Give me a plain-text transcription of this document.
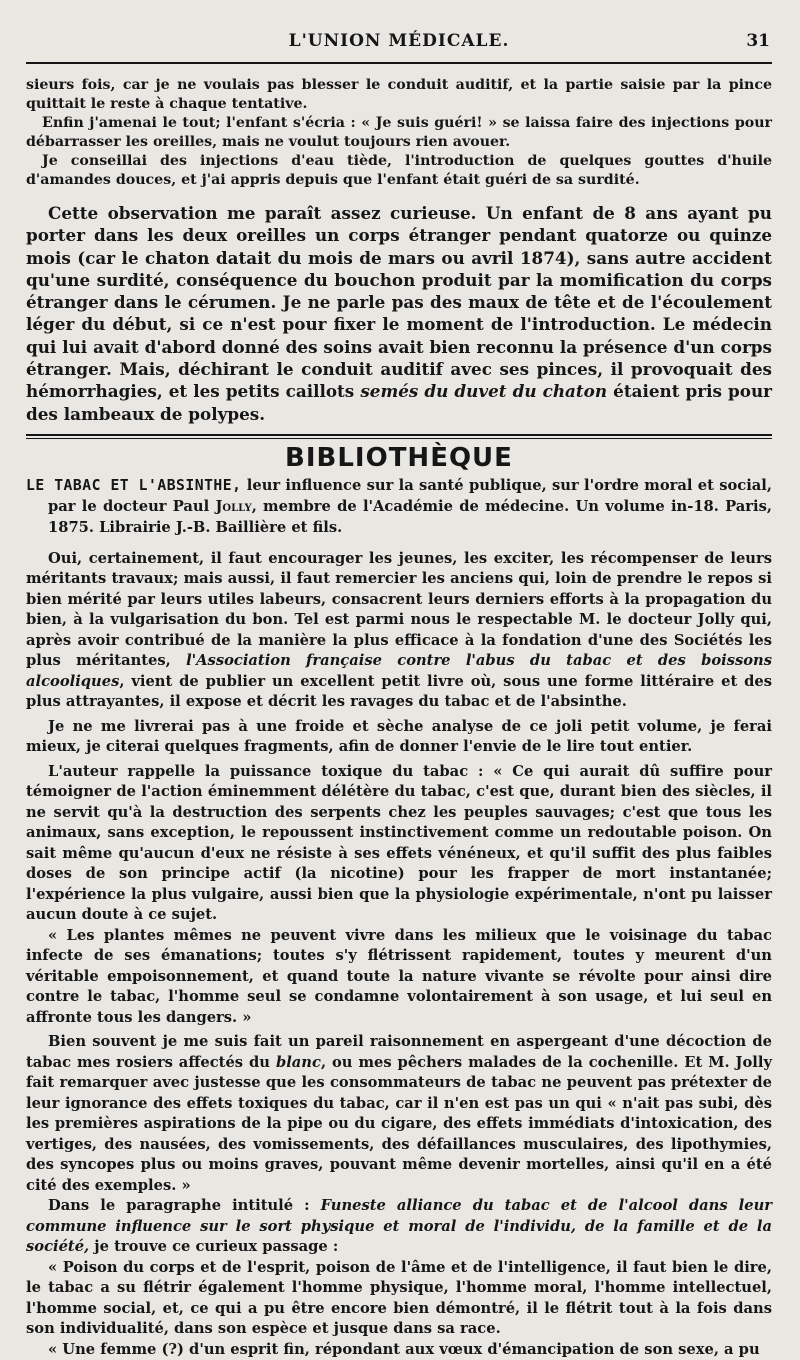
L'UNION MÉDICALE.	31

sieurs fois, car je ne voulais pas blesser le conduit auditif, et la partie saisie par la pince quittait le reste à chaque tentative.

Enfin j'amenai le tout; l'enfant s'écria : « Je suis guéri! » se laissa faire des injections pour débarrasser les oreilles, mais ne voulut toujours rien avouer.

Je conseillai des injections d'eau tiède, l'introduction de quelques gouttes d'huile d'amandes douces, et j'ai appris depuis que l'enfant était guéri de sa surdité.

Cette observation me paraît assez curieuse. Un enfant de 8 ans ayant pu porter dans les deux oreilles un corps étranger pendant quatorze ou quinze mois (car le chaton datait du mois de mars ou avril 1874), sans autre accident qu'une surdité, conséquence du bouchon produit par la momification du corps étranger dans le cérumen. Je ne parle pas des maux de tête et de l'écoulement léger du début, si ce n'est pour fixer le moment de l'introduction. Le médecin qui lui avait d'abord donné des soins avait bien reconnu la présence d'un corps étranger. Mais, déchirant le conduit auditif avec ses pinces, il provoquait des hémorrhagies, et les petits caillots semés du duvet du chaton étaient pris pour des lambeaux de polypes.

BIBLIOTHÈQUE

LE TABAC ET L'ABSINTHE, leur influence sur la santé publique, sur l'ordre moral et social, par le docteur Paul Jolly, membre de l'Académie de médecine. Un volume in-18. Paris, 1875. Librairie J.-B. Baillière et fils.

Oui, certainement, il faut encourager les jeunes, les exciter, les récompenser de leurs méritants travaux; mais aussi, il faut remercier les anciens qui, loin de prendre le repos si bien mérité par leurs utiles labeurs, consacrent leurs derniers efforts à la propagation du bien, à la vulgarisation du bon. Tel est parmi nous le respectable M. le docteur Jolly qui, après avoir contribué de la manière la plus efficace à la fondation d'une des Sociétés les plus méritantes, l'Association française contre l'abus du tabac et des boissons alcooliques, vient de publier un excellent petit livre où, sous une forme littéraire et des plus attrayantes, il expose et décrit les ravages du tabac et de l'absinthe.

Je ne me livrerai pas à une froide et sèche analyse de ce joli petit volume, je ferai mieux, je citerai quelques fragments, afin de donner l'envie de le lire tout entier.

L'auteur rappelle la puissance toxique du tabac : « Ce qui aurait dû suffire pour témoigner de l'action éminemment délétère du tabac, c'est que, durant bien des siècles, il ne servit qu'à la destruction des serpents chez les peuples sauvages; c'est que tous les animaux, sans exception, le repoussent instinctivement comme un redoutable poison. On sait même qu'aucun d'eux ne résiste à ses effets vénéneux, et qu'il suffit des plus faibles doses de son principe actif (la nicotine) pour les frapper de mort instantanée; l'expérience la plus vulgaire, aussi bien que la physiologie expérimentale, n'ont pu laisser aucun doute à ce sujet.

« Les plantes mêmes ne peuvent vivre dans les milieux que le voisinage du tabac infecte de ses émanations; toutes s'y flétrissent rapidement, toutes y meurent d'un véritable empoisonnement, et quand toute la nature vivante se révolte pour ainsi dire contre le tabac, l'homme seul se condamne volontairement à son usage, et lui seul en affronte tous les dangers. »

Bien souvent je me suis fait un pareil raisonnement en aspergeant d'une décoction de tabac mes rosiers affectés du blanc, ou mes pêchers malades de la cochenille. Et M. Jolly fait remarquer avec justesse que les consommateurs de tabac ne peuvent pas prétexter de leur ignorance des effets toxiques du tabac, car il n'en est pas un qui « n'ait pas subi, dès les premières aspirations de la pipe ou du cigare, des effets immédiats d'intoxication, des vertiges, des nausées, des vomissements, des défaillances musculaires, des lipothymies, des syncopes plus ou moins graves, pouvant même devenir mortelles, ainsi qu'il en a été cité des exemples. »

Dans le paragraphe intitulé : Funeste alliance du tabac et de l'alcool dans leur commune influence sur le sort physique et moral de l'individu, de la famille et de la société, je trouve ce curieux passage :

« Poison du corps et de l'esprit, poison de l'âme et de l'intelligence, il faut bien le dire, le tabac a su flétrir également l'homme physique, l'homme moral, l'homme intellectuel, l'homme social, et, ce qui a pu être encore bien démontré, il le flétrit tout à la fois dans son individualité, dans son espèce et jusque dans sa race.

« Une femme (?) d'un esprit fin, répondant aux vœux d'émancipation de son sexe, a pu
